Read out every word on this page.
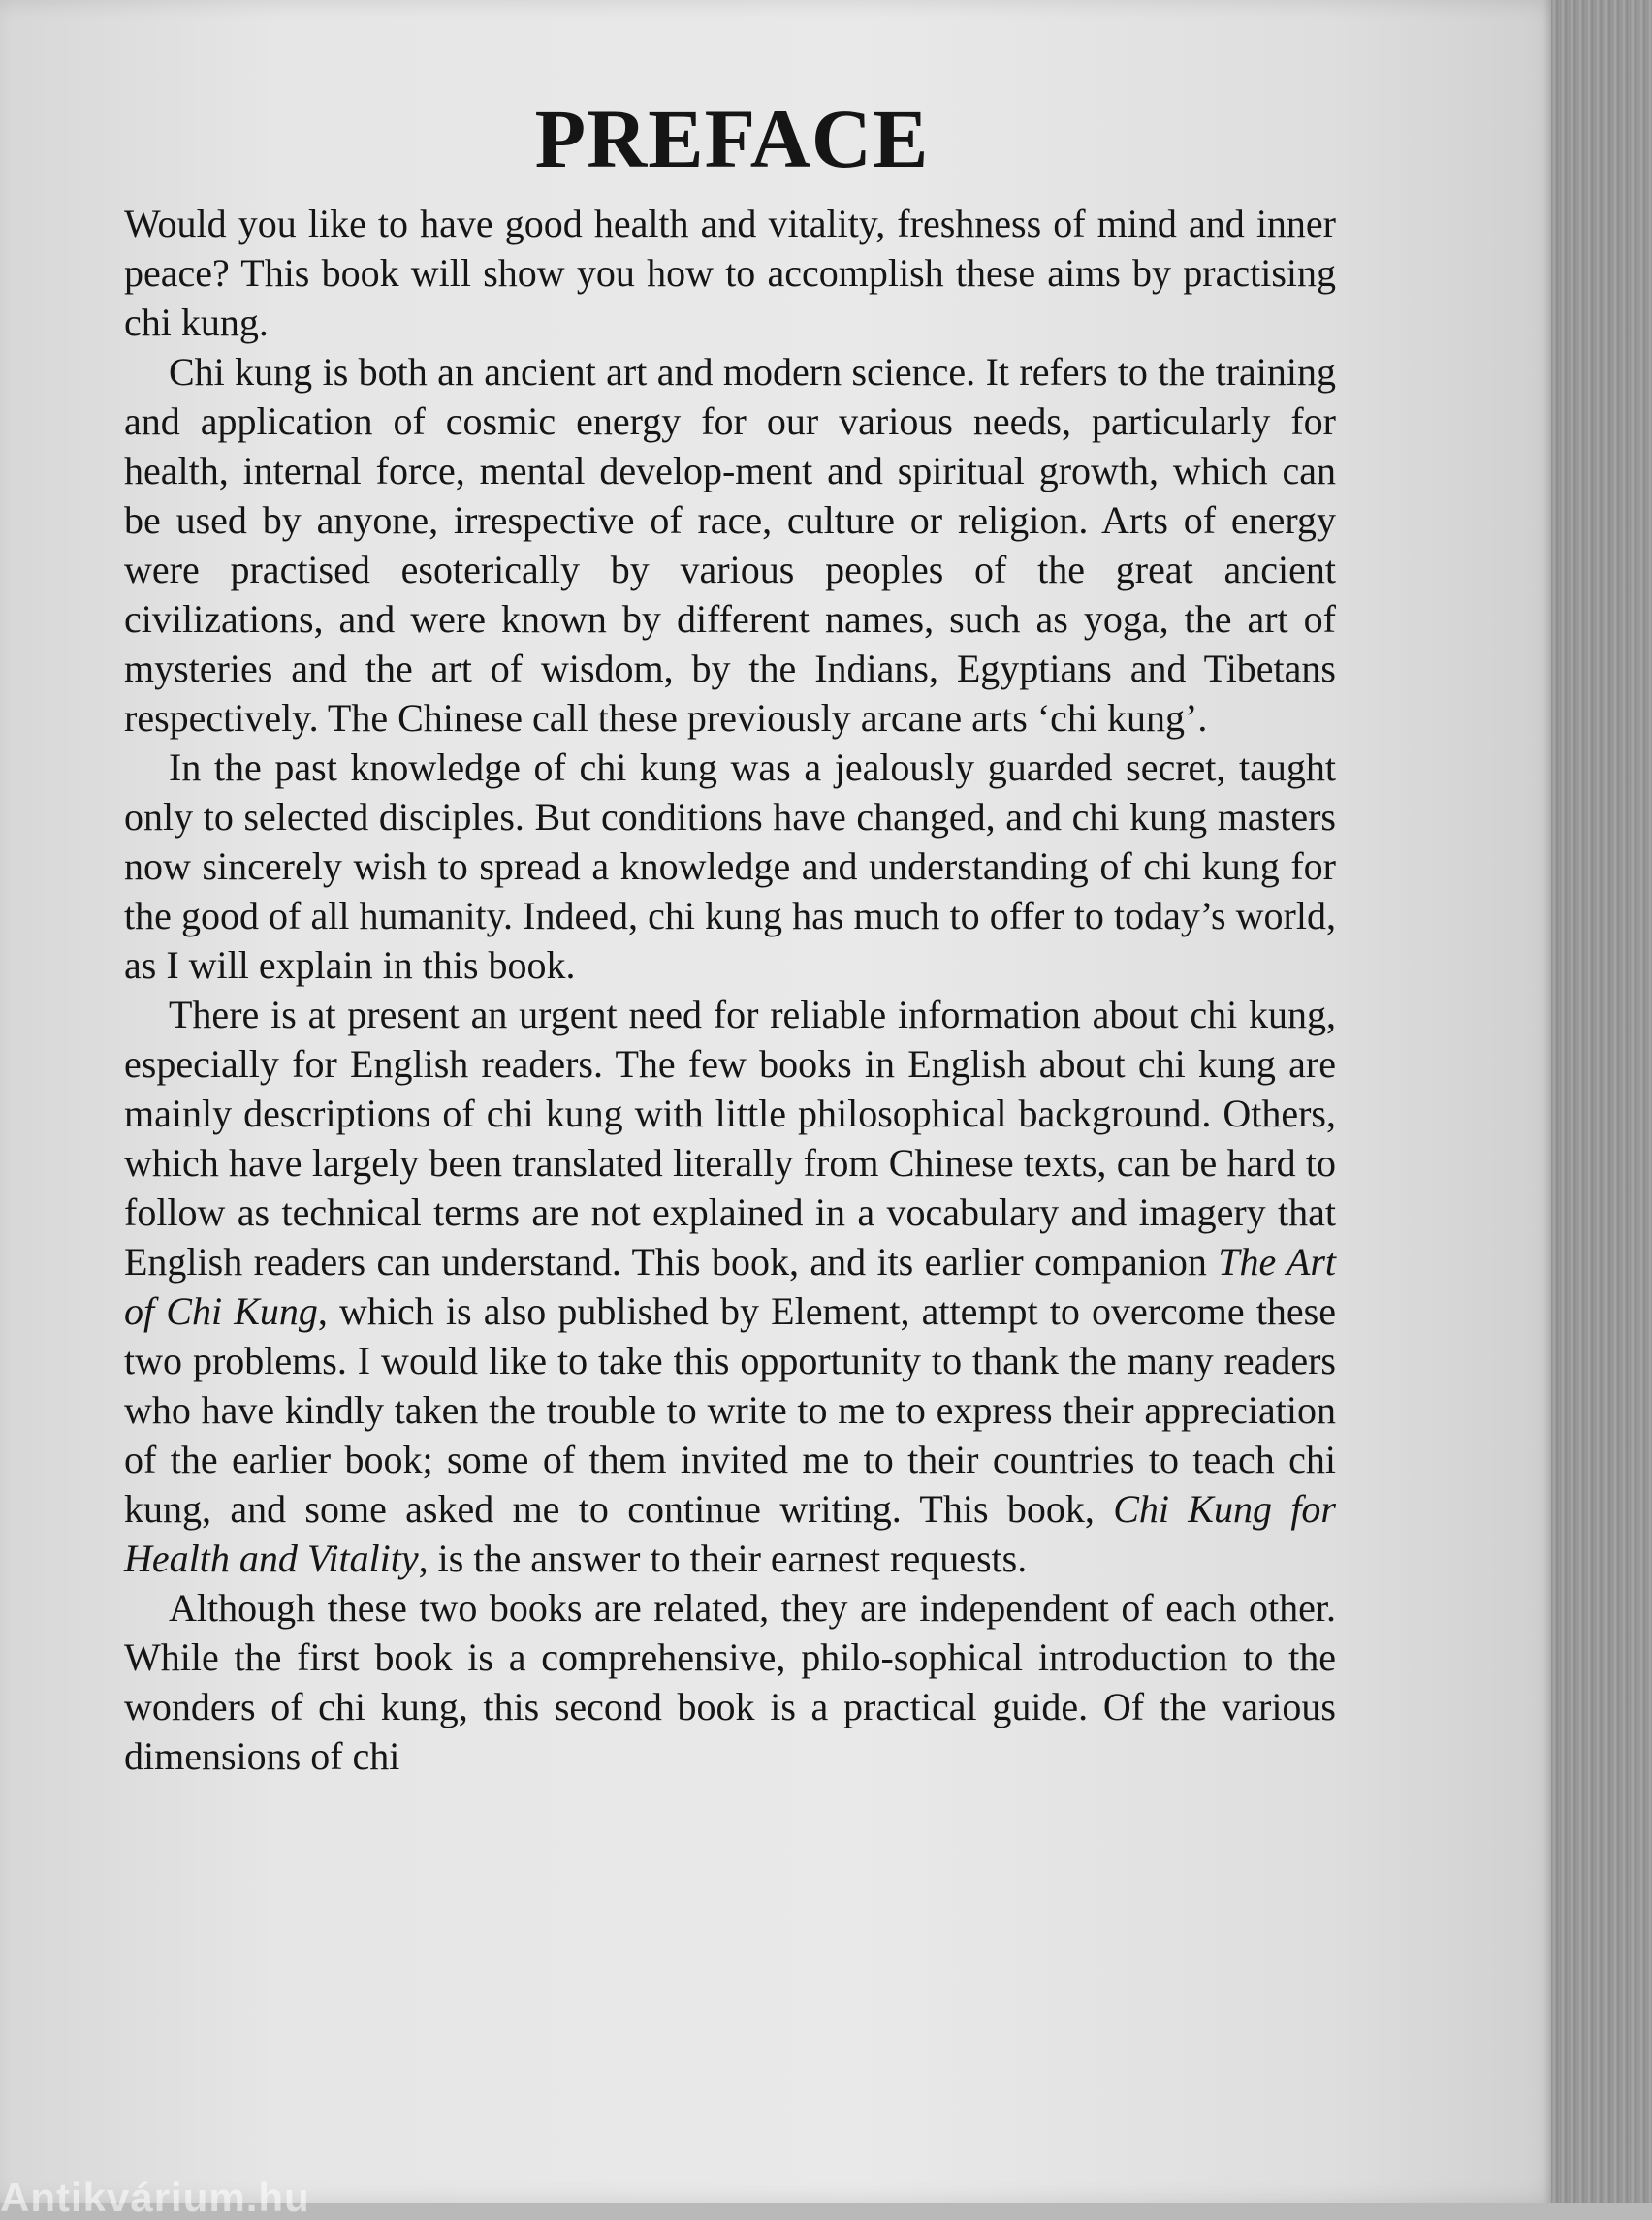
PREFACE

Would you like to have good health and vitality, freshness of mind and inner peace? This book will show you how to accomplish these aims by practising chi kung.

Chi kung is both an ancient art and modern science. It refers to the training and application of cosmic energy for our various needs, particularly for health, internal force, mental develop-ment and spiritual growth, which can be used by anyone, irrespective of race, culture or religion. Arts of energy were practised esoterically by various peoples of the great ancient civilizations, and were known by different names, such as yoga, the art of mysteries and the art of wisdom, by the Indians, Egyptians and Tibetans respectively. The Chinese call these previously arcane arts ‘chi kung’.

In the past knowledge of chi kung was a jealously guarded secret, taught only to selected disciples. But conditions have changed, and chi kung masters now sincerely wish to spread a knowledge and understanding of chi kung for the good of all humanity. Indeed, chi kung has much to offer to today’s world, as I will explain in this book.

There is at present an urgent need for reliable information about chi kung, especially for English readers. The few books in English about chi kung are mainly descriptions of chi kung with little philosophical background. Others, which have largely been translated literally from Chinese texts, can be hard to follow as technical terms are not explained in a vocabulary and imagery that English readers can understand. This book, and its earlier companion The Art of Chi Kung, which is also published by Element, attempt to overcome these two problems. I would like to take this opportunity to thank the many readers who have kindly taken the trouble to write to me to express their appreciation of the earlier book; some of them invited me to their countries to teach chi kung, and some asked me to continue writing. This book, Chi Kung for Health and Vitality, is the answer to their earnest requests.

Although these two books are related, they are independent of each other. While the first book is a comprehensive, philo-sophical introduction to the wonders of chi kung, this second book is a practical guide. Of the various dimensions of chi

Antikvárium.hu
